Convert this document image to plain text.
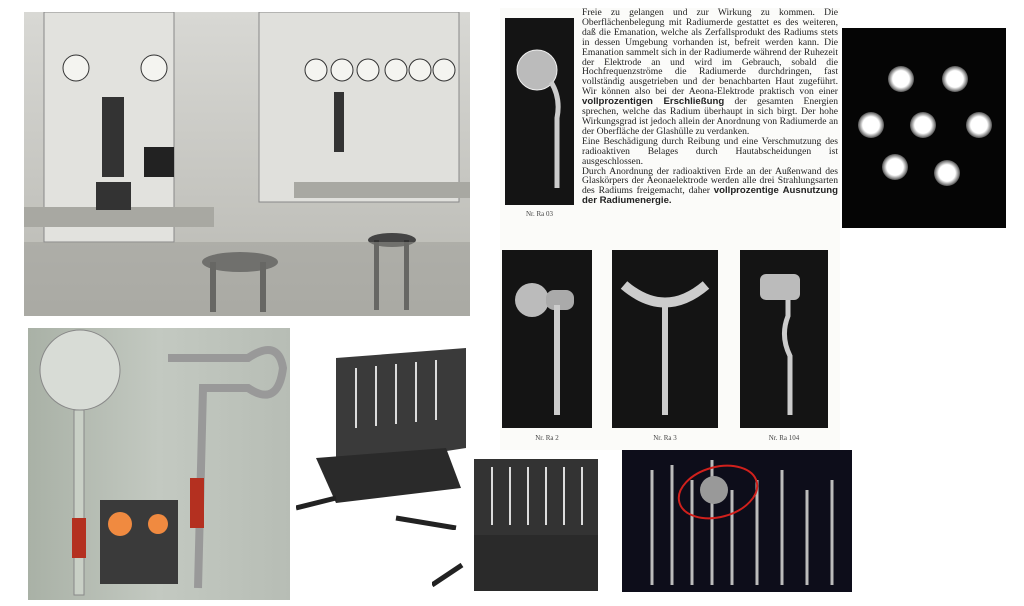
Nr. Ra 03
Freie zu gelangen und zur Wirkung zu kommen. Die Oberflächenbelegung mit Radiumerde gestattet es des weiteren, daß die Emanation, welche als Zerfallsprodukt des Radiums stets in dessen Umgebung vorhanden ist, befreit werden kann. Die Emanation sammelt sich in der Radiumerde während der Ruhezeit der Elektrode an und wird im Gebrauch, sobald die Hochfrequenzströme die Radiumerde durchdringen, fast vollständig ausgetrieben und der benachbarten Haut zugeführt. Wir können also bei der Aeona-Elektrode praktisch von einer vollprozentigen Erschließung der gesamten Energien sprechen, welche das Radium überhaupt in sich birgt. Der hohe Wirkungsgrad ist jedoch allein der Anordnung von Radiumerde an der Oberfläche der Glashülle zu verdanken.
Eine Beschädigung durch Reibung und eine Verschmutzung des radioaktiven Belages durch Hautabscheidungen ist ausgeschlossen.
Durch Anordnung der radioaktiven Erde an der Außenwand des Glaskörpers der Aeonaelektrode werden alle drei Strahlungsarten des Radiums freigemacht, daher vollprozentige Ausnutzung der Radiumenergie.
Nr. Ra 2	Nr. Ra 3	Nr. Ra 104
